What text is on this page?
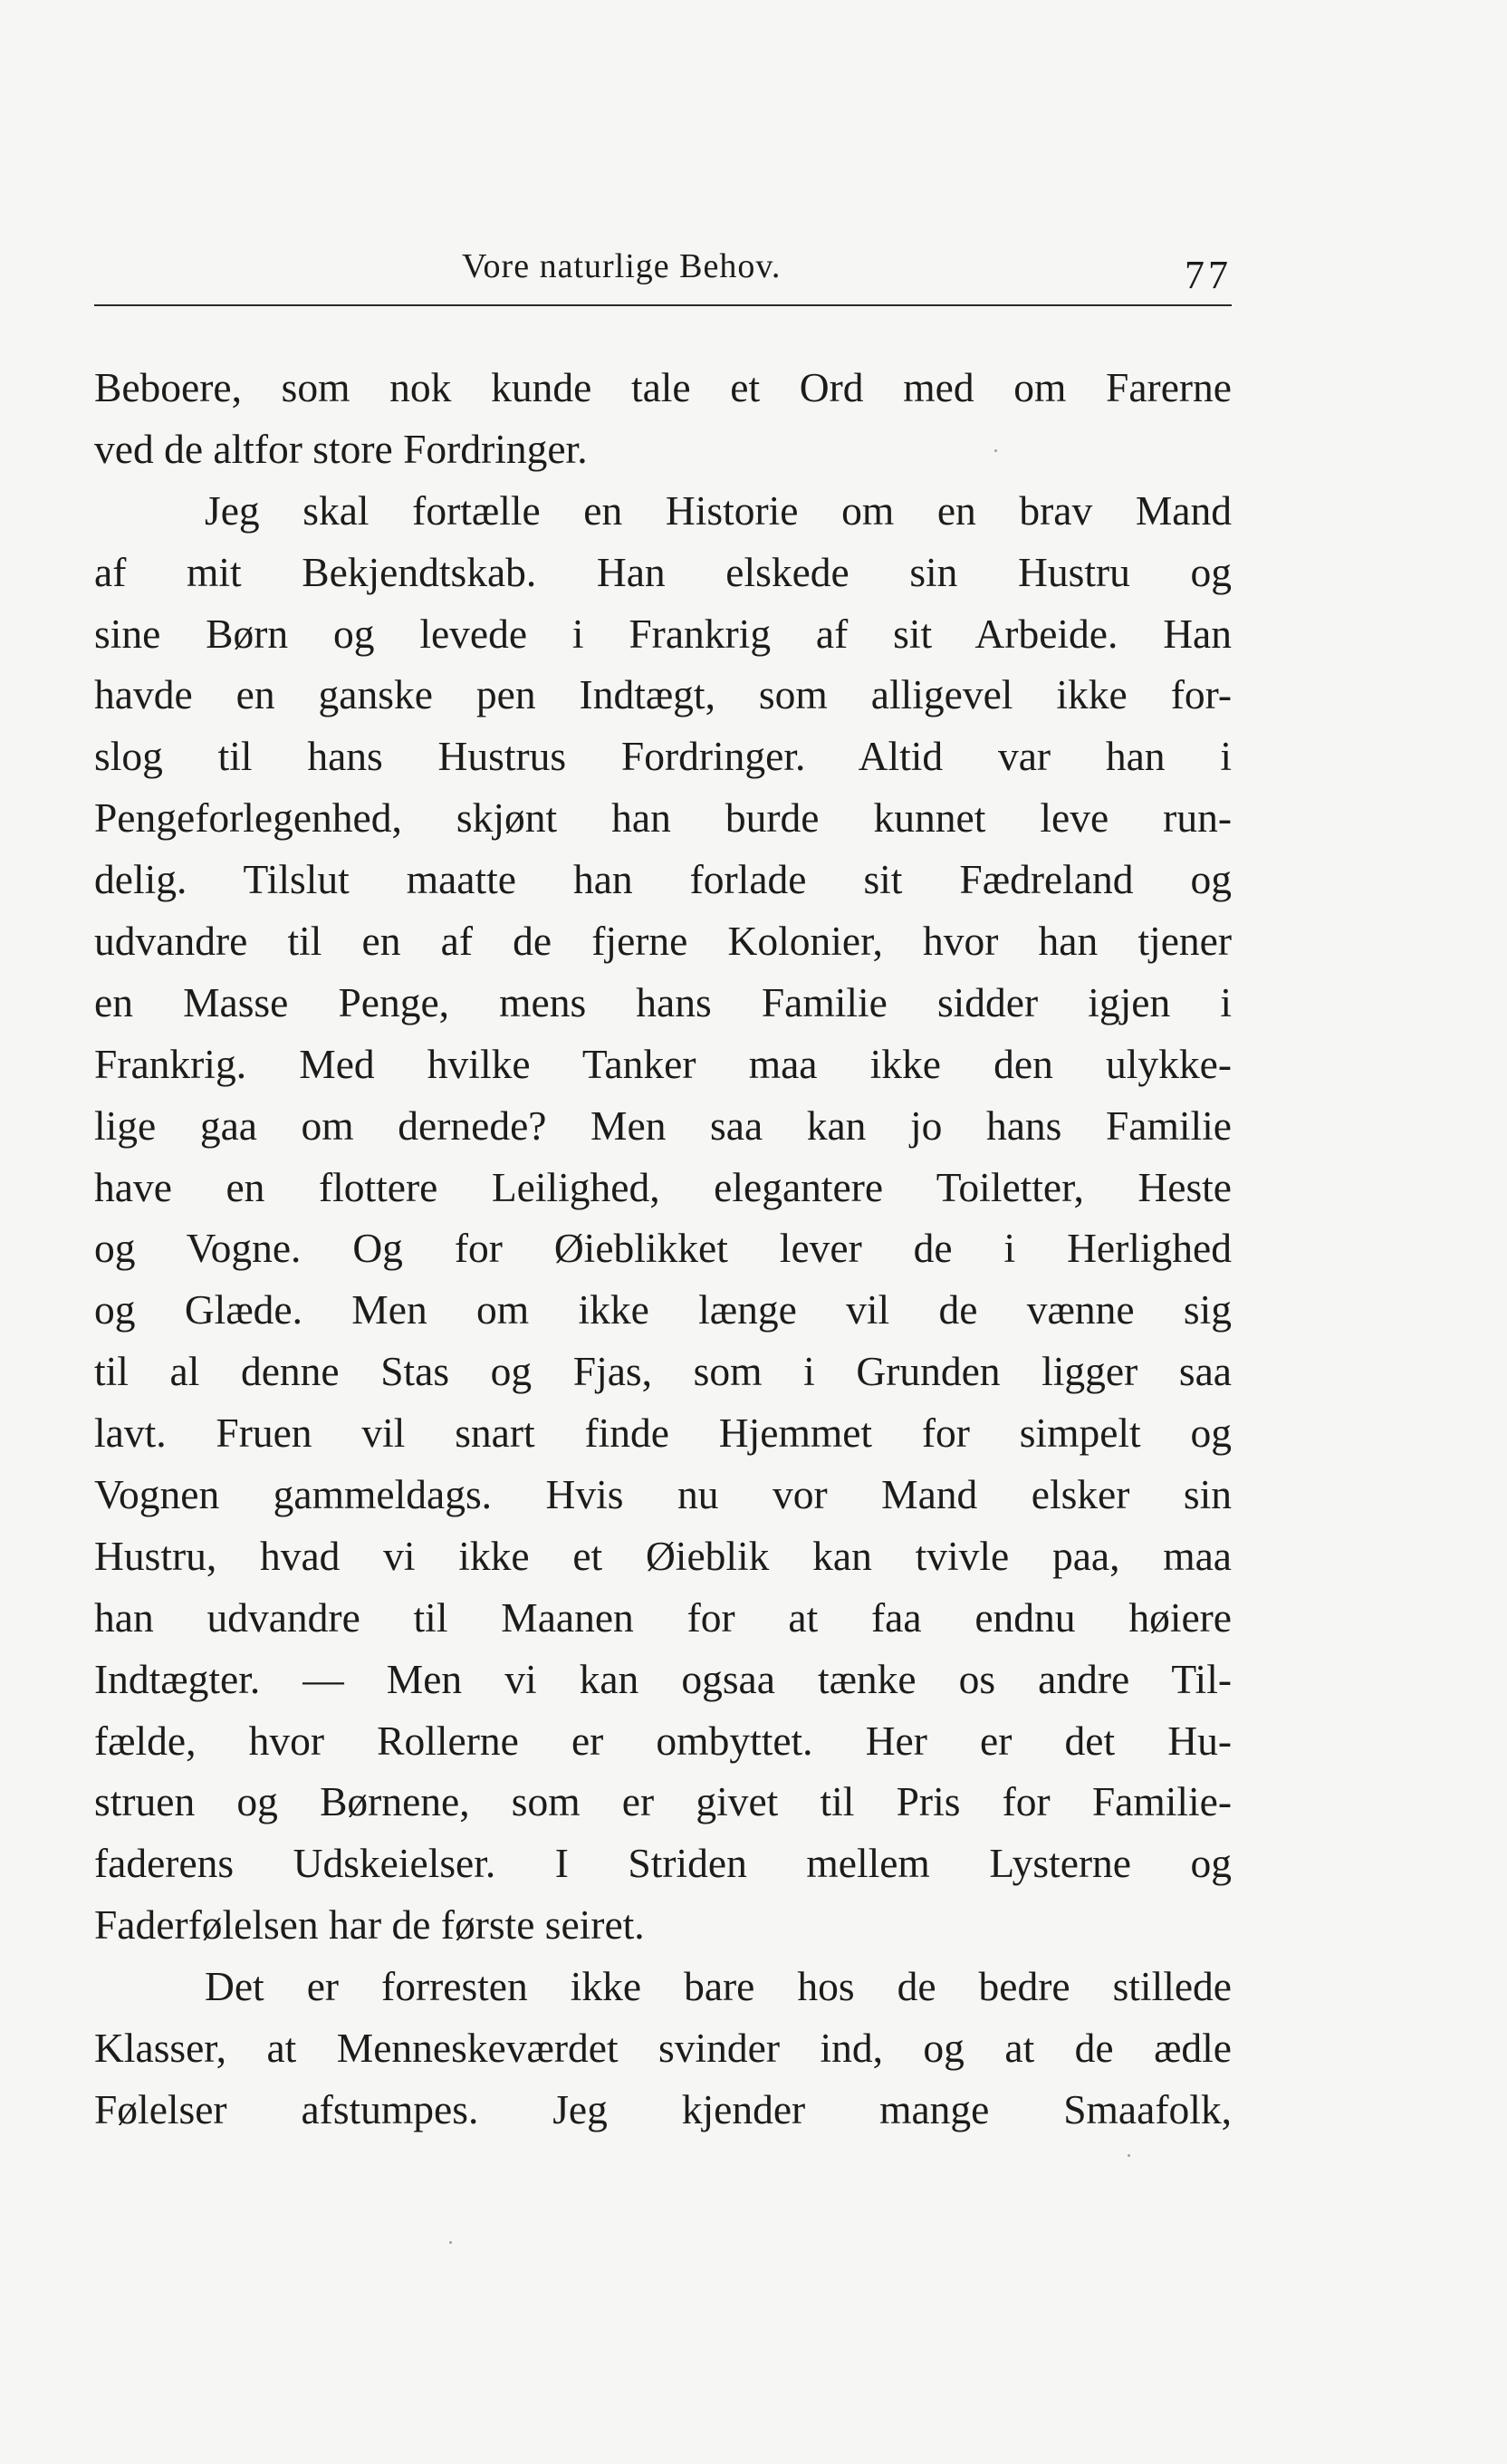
Vore naturlige Behov.	77
Beboere, som nok kunde tale et Ord med om Farerne
ved de altfor store Fordringer.
Jeg skal fortælle en Historie om en brav Mand
af mit Bekjendtskab. Han elskede sin Hustru og
sine Børn og levede i Frankrig af sit Arbeide. Han
havde en ganske pen Indtægt, som alligevel ikke for-
slog til hans Hustrus Fordringer. Altid var han i
Pengeforlegenhed, skjønt han burde kunnet leve run-
delig. Tilslut maatte han forlade sit Fædreland og
udvandre til en af de fjerne Kolonier, hvor han tjener
en Masse Penge, mens hans Familie sidder igjen i
Frankrig. Med hvilke Tanker maa ikke den ulykke-
lige gaa om dernede? Men saa kan jo hans Familie
have en flottere Leilighed, elegantere Toiletter, Heste
og Vogne. Og for Øieblikket lever de i Herlighed
og Glæde. Men om ikke længe vil de vænne sig
til al denne Stas og Fjas, som i Grunden ligger saa
lavt. Fruen vil snart finde Hjemmet for simpelt og
Vognen gammeldags. Hvis nu vor Mand elsker sin
Hustru, hvad vi ikke et Øieblik kan tvivle paa, maa
han udvandre til Maanen for at faa endnu høiere
Indtægter. — Men vi kan ogsaa tænke os andre Til-
fælde, hvor Rollerne er ombyttet. Her er det Hu-
struen og Børnene, som er givet til Pris for Familie-
faderens Udskeielser. I Striden mellem Lysterne og
Faderfølelsen har de første seiret.
Det er forresten ikke bare hos de bedre stillede
Klasser, at Menneskeværdet svinder ind, og at de ædle
Følelser afstumpes. Jeg kjender mange Smaafolk,
